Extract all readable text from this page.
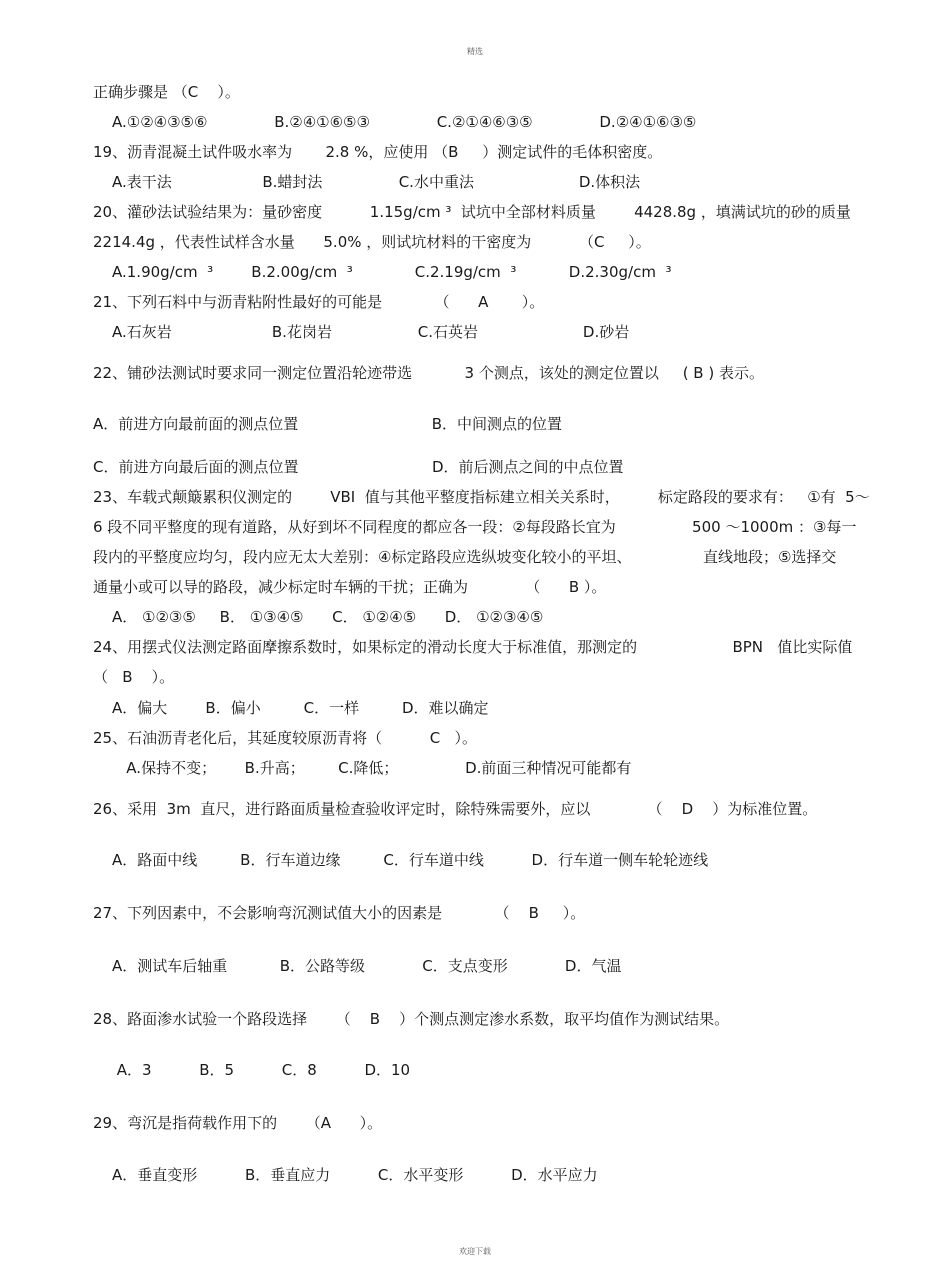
精选
正确步骤是 （C    ）。
A.①②④③⑤⑥              B.②④①⑥⑤③              C.②①④⑥③⑤              D.②④①⑥③⑤
19、沥青混凝土试件吸水率为       2.8 %，应使用 （B     ）测定试件的毛体积密度。
A.表干法                   B.蜡封法                C.水中重法                      D.体积法
20、灌砂法试验结果为：量砂密度          1.15g/cm ³  试坑中全部材料质量        4428.8g ，填满试坑的砂的质量
2214.4g ，代表性试样含水量      5.0% ，则试坑材料的干密度为          （C     ）。
A.1.90g/cm  ³        B.2.00g/cm  ³             C.2.19g/cm  ³           D.2.30g/cm  ³
21、下列石料中与沥青粘附性最好的可能是           （      A       ）。
A.石灰岩                     B.花岗岩                  C.石英岩                      D.砂岩
22、铺砂法测试时要求同一测定位置沿轮迹带选           3 个测点，该处的测定位置以     ( B ) 表示。
A．前进方向最前面的测点位置                            B．中间测点的位置
C．前进方向最后面的测点位置                            D．前后测点之间的中点位置
23、车载式颠簸累积仪测定的        VBI  值与其他平整度指标建立相关关系时，        标定路段的要求有：   ①有  5～
6 段不同平整度的现有道路，从好到坏不同程度的都应各一段：②每段路长宜为                500 ～1000m ：③每一
段内的平整度应均匀，段内应无太大差别：④标定路段应选纵坡变化较小的平坦、               直线地段；⑤选择交
通量小或可以导的路段，减少标定时车辆的干扰；正确为            （      B ）。
A． ①②③⑤     B． ①③④⑤      C． ①②④⑤      D． ①②③④⑤
24、用摆式仪法测定路面摩擦系数时，如果标定的滑动长度大于标准值，那测定的                    BPN   值比实际值
（   B    ）。
A．偏大        B．偏小         C．一样         D．难以确定
25、石油沥青老化后，其延度较原沥青将（          C   ）。
A.保持不变；      B.升高；       C.降低；              D.前面三种情况可能都有
26、采用  3m  直尺，进行路面质量检查验收评定时，除特殊需要外，应以            （    D    ）为标准位置。
A．路面中线         B．行车道边缘         C．行车道中线          D．行车道一侧车轮轮迹线
27、下列因素中，不会影响弯沉测试值大小的因素是           （    B     ）。
A．测试车后轴重           B．公路等级            C．支点变形            D．气温
28、路面渗水试验一个路段选择      （    B    ）个测点测定渗水系数，取平均值作为测试结果。
A．3          B．5          C．8          D．10
29、弯沉是指荷载作用下的      （A      ）。
A．垂直变形          B．垂直应力          C．水平变形          D．水平应力
欢迎下载
